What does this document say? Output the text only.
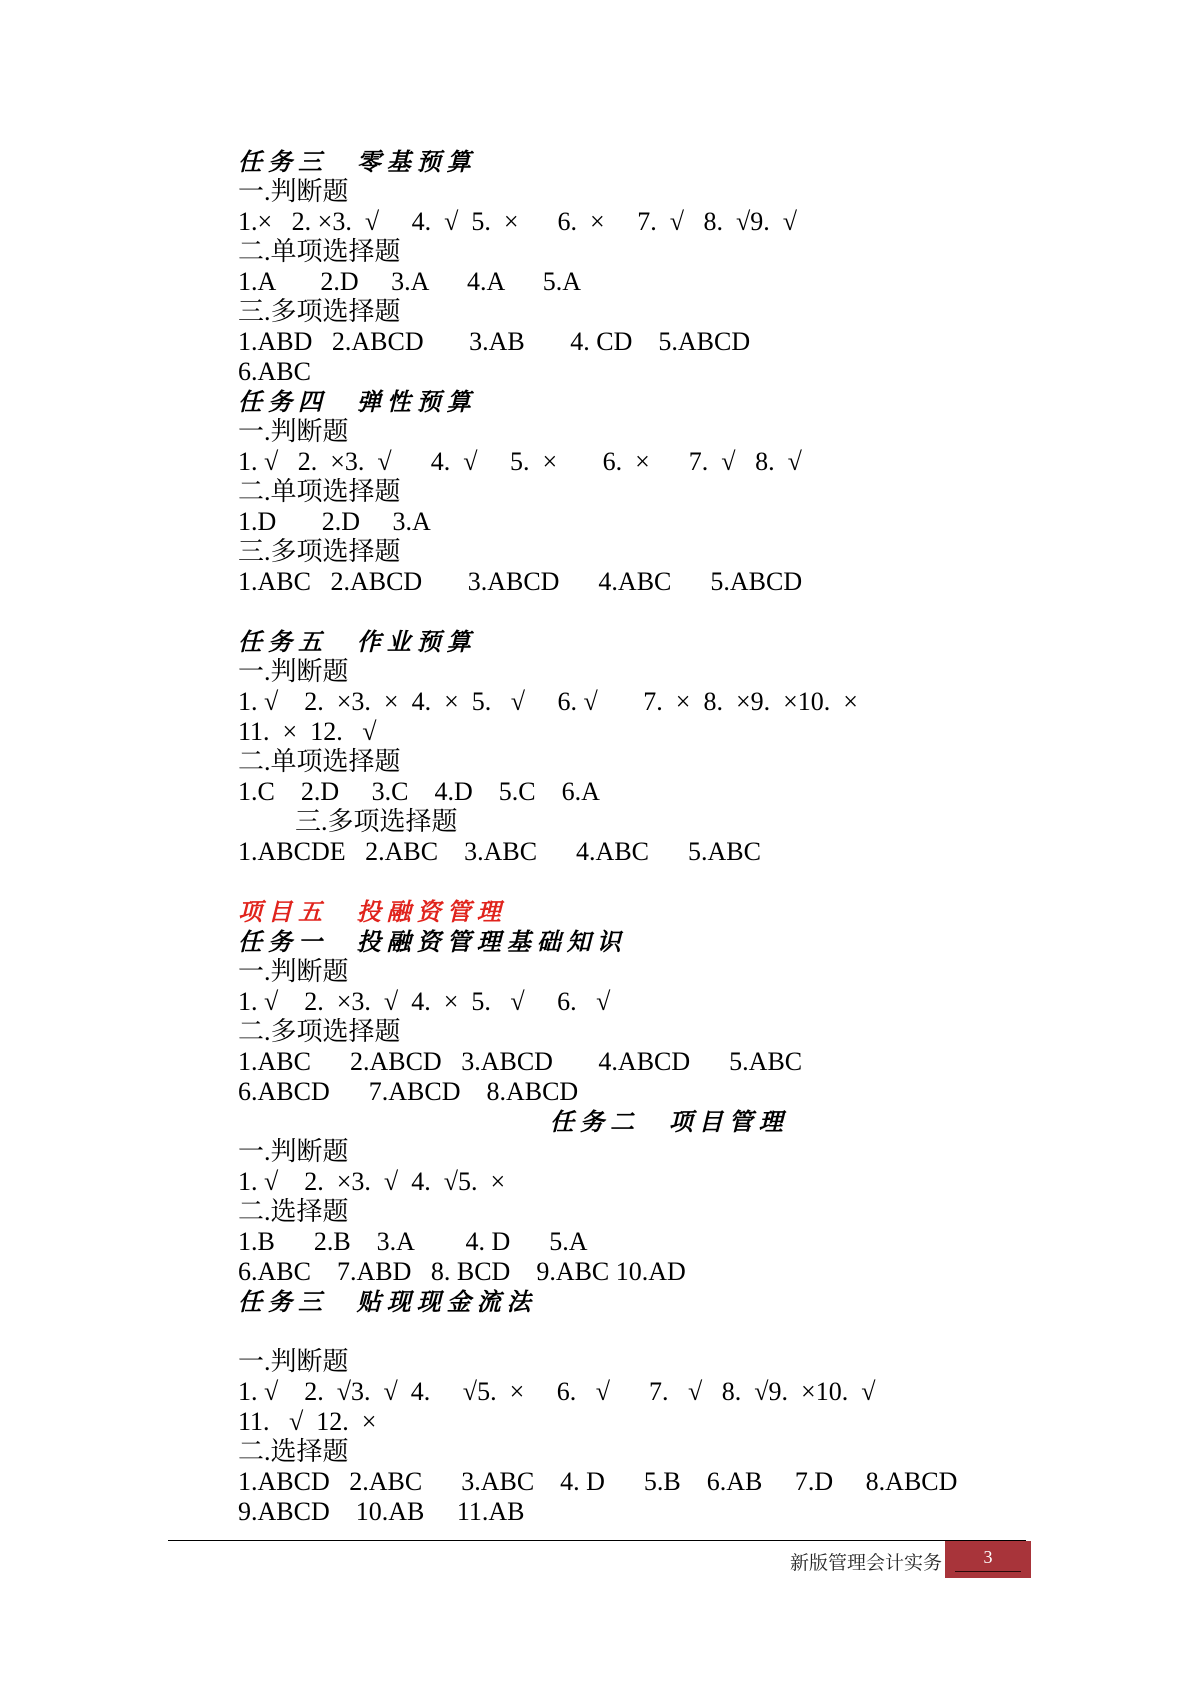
任务三  零基预算
一.判断题
1.×   2. ×3.  √     4.  √  5.  ×      6.  ×     7.  √   8.  √9.  √
二.单项选择题
1.A       2.D     3.A      4.A      5.A
三.多项选择题
1.ABD   2.ABCD       3.AB       4. CD    5.ABCD
6.ABC
任务四  弹性预算
一.判断题
1. √   2.  ×3.  √      4.  √     5.  ×       6.  ×      7.  √   8.  √
二.单项选择题
1.D       2.D     3.A
三.多项选择题
1.ABC   2.ABCD       3.ABCD      4.ABC      5.ABCD
任务五  作业预算
一.判断题
1. √    2.  ×3.  ×  4.  ×  5.   √     6. √       7.  ×  8.  ×9.  ×10.  ×
11.  ×  12.   √
二.单项选择题
1.C    2.D     3.C    4.D    5.C    6.A
三.多项选择题
1.ABCDE   2.ABC    3.ABC      4.ABC      5.ABC
项目五  投融资管理
任务一  投融资管理基础知识
一.判断题
1. √    2.  ×3.  √  4.  ×  5.   √     6.   √
二.多项选择题
1.ABC      2.ABCD   3.ABCD       4.ABCD      5.ABC
6.ABCD      7.ABCD    8.ABCD
任务二  项目管理
一.判断题
1. √    2.  ×3.  √  4.  √5.  ×
二.选择题
1.B      2.B    3.A        4. D      5.A
6.ABC    7.ABD   8. BCD    9.ABC 10.AD
任务三  贴现现金流法
一.判断题
1. √    2.  √3.  √  4.     √5.  ×     6.   √      7.   √   8.  √9.  ×10.  √
11.   √  12.  ×
二.选择题
1.ABCD   2.ABC      3.ABC    4. D      5.B    6.AB     7.D     8.ABCD
9.ABCD    10.AB     11.AB
新版管理会计实务	3
